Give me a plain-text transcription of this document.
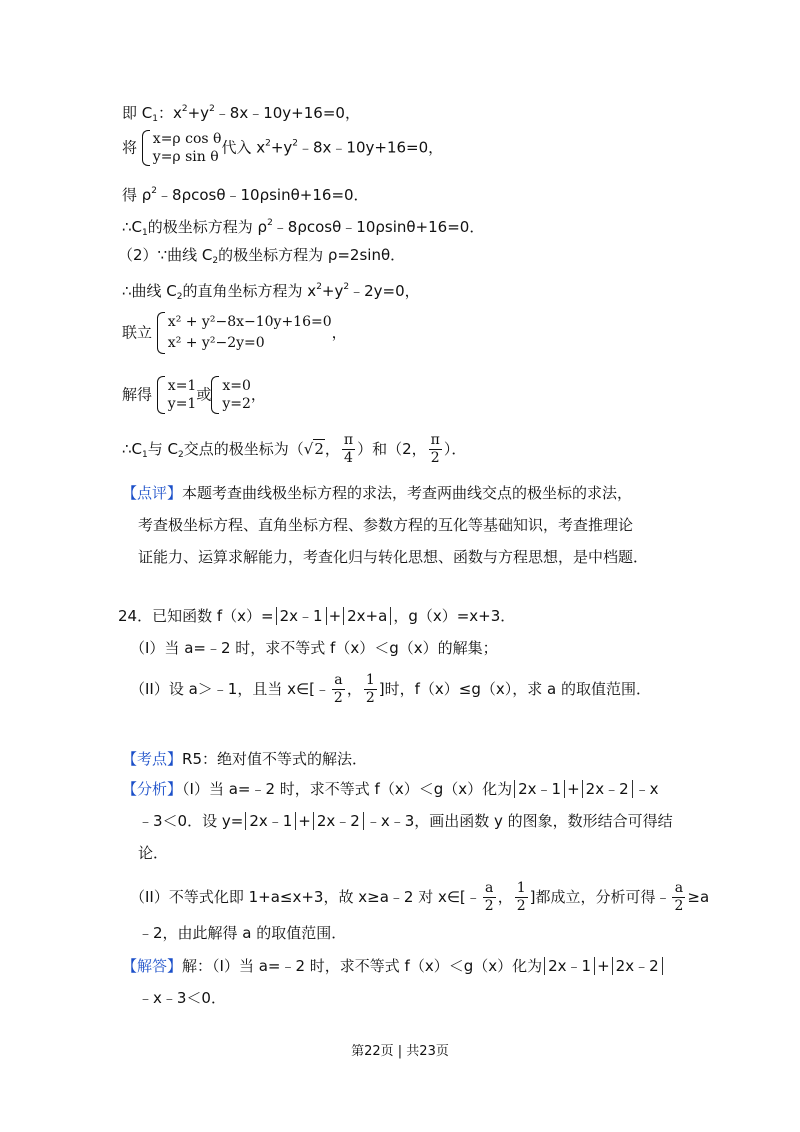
即 $C_1$：$x^2+y^2﹣8x﹣10y+16=0$，
将 x=ρ cos θ
y=ρ sin θ
代入 $x^2+y^2﹣8x﹣10y+16=0$，
得 $\rho^2﹣8\rho\cos\theta﹣10\rho\sin\theta+16=0$．
$\therefore C_1$的极坐标方程为 $\rho^2﹣8\rho\cos\theta﹣10\rho\sin\theta+16=0$．
（2）∵曲线 $C_2$的极坐标方程为 ρ=2sinθ．
∴曲线 $C_2$的直角坐标方程为 $x^2+y^2﹣2y=0$，
联立
x² + y²−8x−10y+16=0
x² + y²−2y=0
，
解得 x=1
y=1
或 x=0
y=2
，
$\therefore C_1$与 $C_2$交点的极坐标为（√2， $\frac{\pi}{4}$ ）和（2， $\frac{\pi}{2}$ ）．
【点评】本题考查曲线极坐标方程的求法，考查两曲线交点的极坐标的求法，
考查极坐标方程、直角坐标方程、参数方程的互化等基础知识，考查推理论
证能力、运算求解能力，考查化归与转化思想、函数与方程思想，是中档题．
24．已知函数 f（x）= 2x﹣1 + 2x+a ，g（x）=x+3．
（I）当 a=﹣2 时，求不等式 f（x）＜g（x）的解集；
（II）设 a＞﹣1，且当 x∈[﹣ $\frac{a}{2}$ ， $\frac{1}{2}$ ]时，f（x）≤g（x），求 a 的取值范围．
【考点】R5：绝对值不等式的解法．
【分析】（I）当 a=﹣2 时，求不等式 f（x）＜g（x）化为 2x﹣1 + 2x﹣2 ﹣x
﹣3＜0．设 y= 2x﹣1 + 2x﹣2 ﹣x﹣3，画出函数 y 的图象，数形结合可得结
论．
（II）不等式化即 1+a≤x+3，故 x≥a﹣2 对 x∈[﹣ $\frac{a}{2}$ ， $\frac{1}{2}$ ]都成立，分析可得﹣ $\frac{a}{2} \ge a$
﹣2，由此解得 a 的取值范围．
【解答】解：（I）当 a=﹣2 时，求不等式 f（x）＜g（x）化为 2x﹣1 + 2x﹣2
﹣x﹣3＜0．
第22页 | 共23页
